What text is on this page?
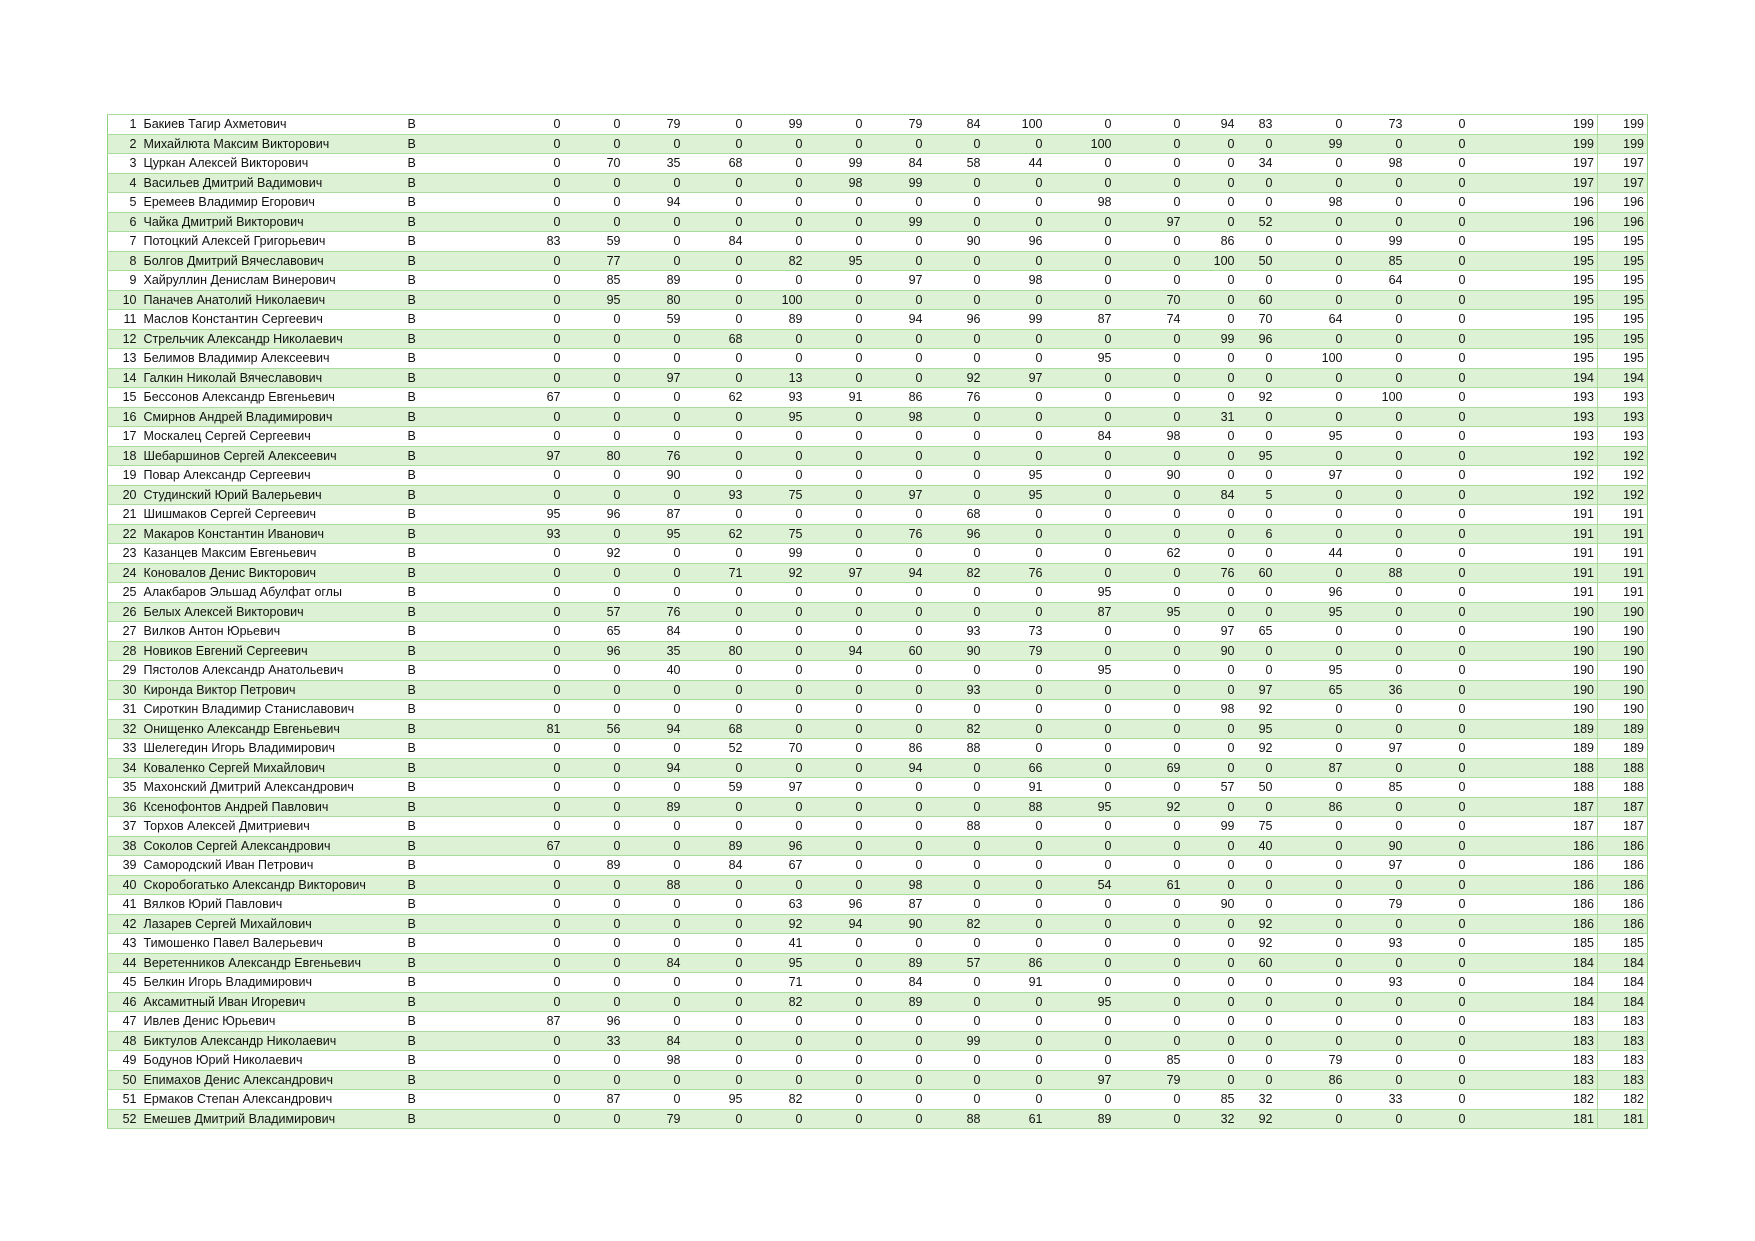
1	Бакиев Тагир Ахметович	В	0	0	79	0	99	0	79	84	100	0	0	94	83	0	73	0	199	199
2	Михайлюта Максим Викторович	В	0	0	0	0	0	0	0	0	0	100	0	0	0	99	0	0	199	199
3	Цуркан Алексей Викторович	В	0	70	35	68	0	99	84	58	44	0	0	0	34	0	98	0	197	197
4	Васильев Дмитрий Вадимович	В	0	0	0	0	0	98	99	0	0	0	0	0	0	0	0	0	197	197
5	Еремеев Владимир Егорович	В	0	0	94	0	0	0	0	0	0	98	0	0	0	98	0	0	196	196
6	Чайка Дмитрий Викторович	В	0	0	0	0	0	0	99	0	0	0	97	0	52	0	0	0	196	196
7	Потоцкий Алексей Григорьевич	В	83	59	0	84	0	0	0	90	96	0	0	86	0	0	99	0	195	195
8	Болгов Дмитрий Вячеславович	В	0	77	0	0	82	95	0	0	0	0	0	100	50	0	85	0	195	195
9	Хайруллин Денислам Винерович	В	0	85	89	0	0	0	97	0	98	0	0	0	0	0	64	0	195	195
10	Паначев Анатолий Николаевич	В	0	95	80	0	100	0	0	0	0	0	70	0	60	0	0	0	195	195
11	Маслов Константин Сергеевич	В	0	0	59	0	89	0	94	96	99	87	74	0	70	64	0	0	195	195
12	Стрельчик Александр Николаевич	В	0	0	0	68	0	0	0	0	0	0	0	99	96	0	0	0	195	195
13	Белимов Владимир Алексеевич	В	0	0	0	0	0	0	0	0	0	95	0	0	0	100	0	0	195	195
14	Галкин Николай Вячеславович	В	0	0	97	0	13	0	0	92	97	0	0	0	0	0	0	0	194	194
15	Бессонов Александр Евгеньевич	В	67	0	0	62	93	91	86	76	0	0	0	0	92	0	100	0	193	193
16	Смирнов Андрей Владимирович	В	0	0	0	0	95	0	98	0	0	0	0	31	0	0	0	0	193	193
17	Москалец Сергей Сергеевич	В	0	0	0	0	0	0	0	0	0	84	98	0	0	95	0	0	193	193
18	Шебаршинов Сергей Алексеевич	В	97	80	76	0	0	0	0	0	0	0	0	0	95	0	0	0	192	192
19	Повар Александр Сергеевич	В	0	0	90	0	0	0	0	0	95	0	90	0	0	97	0	0	192	192
20	Студинский Юрий Валерьевич	В	0	0	0	93	75	0	97	0	95	0	0	84	5	0	0	0	192	192
21	Шишмаков Сергей Сергеевич	В	95	96	87	0	0	0	0	68	0	0	0	0	0	0	0	0	191	191
22	Макаров Константин Иванович	В	93	0	95	62	75	0	76	96	0	0	0	0	6	0	0	0	191	191
23	Казанцев Максим Евгеньевич	В	0	92	0	0	99	0	0	0	0	0	62	0	0	44	0	0	191	191
24	Коновалов Денис Викторович	В	0	0	0	71	92	97	94	82	76	0	0	76	60	0	88	0	191	191
25	Алакбаров Эльшад Абулфат оглы	В	0	0	0	0	0	0	0	0	0	95	0	0	0	96	0	0	191	191
26	Белых Алексей Викторович	В	0	57	76	0	0	0	0	0	0	87	95	0	0	95	0	0	190	190
27	Вилков Антон Юрьевич	В	0	65	84	0	0	0	0	93	73	0	0	97	65	0	0	0	190	190
28	Новиков Евгений Сергеевич	В	0	96	35	80	0	94	60	90	79	0	0	90	0	0	0	0	190	190
29	Пястолов Александр Анатольевич	В	0	0	40	0	0	0	0	0	0	95	0	0	0	95	0	0	190	190
30	Киронда Виктор Петрович	В	0	0	0	0	0	0	0	93	0	0	0	0	97	65	36	0	190	190
31	Сироткин Владимир Станиславович	В	0	0	0	0	0	0	0	0	0	0	0	98	92	0	0	0	190	190
32	Онищенко Александр Евгеньевич	В	81	56	94	68	0	0	0	82	0	0	0	0	95	0	0	0	189	189
33	Шелегедин Игорь Владимирович	В	0	0	0	52	70	0	86	88	0	0	0	0	92	0	97	0	189	189
34	Коваленко Сергей Михайлович	В	0	0	94	0	0	0	94	0	66	0	69	0	0	87	0	0	188	188
35	Махонский Дмитрий Александрович	В	0	0	0	59	97	0	0	0	91	0	0	57	50	0	85	0	188	188
36	Ксенофонтов Андрей Павлович	В	0	0	89	0	0	0	0	0	88	95	92	0	0	86	0	0	187	187
37	Торхов Алексей Дмитриевич	В	0	0	0	0	0	0	0	88	0	0	0	99	75	0	0	0	187	187
38	Соколов Сергей Александрович	В	67	0	0	89	96	0	0	0	0	0	0	0	40	0	90	0	186	186
39	Самородский Иван Петрович	В	0	89	0	84	67	0	0	0	0	0	0	0	0	0	97	0	186	186
40	Скоробогатько Александр Викторович	В	0	0	88	0	0	0	98	0	0	54	61	0	0	0	0	0	186	186
41	Вялков Юрий Павлович	В	0	0	0	0	63	96	87	0	0	0	0	90	0	0	79	0	186	186
42	Лазарев Сергей Михайлович	В	0	0	0	0	92	94	90	82	0	0	0	0	92	0	0	0	186	186
43	Тимошенко Павел Валерьевич	В	0	0	0	0	41	0	0	0	0	0	0	0	92	0	93	0	185	185
44	Веретенников Александр Евгеньевич	В	0	0	84	0	95	0	89	57	86	0	0	0	60	0	0	0	184	184
45	Белкин Игорь Владимирович	В	0	0	0	0	71	0	84	0	91	0	0	0	0	0	93	0	184	184
46	Аксамитный Иван Игоревич	В	0	0	0	0	82	0	89	0	0	95	0	0	0	0	0	0	184	184
47	Ивлев Денис Юрьевич	В	87	96	0	0	0	0	0	0	0	0	0	0	0	0	0	0	183	183
48	Биктулов Александр Николаевич	В	0	33	84	0	0	0	0	99	0	0	0	0	0	0	0	0	183	183
49	Бодунов Юрий Николаевич	В	0	0	98	0	0	0	0	0	0	0	85	0	0	79	0	0	183	183
50	Епимахов Денис Александрович	В	0	0	0	0	0	0	0	0	0	97	79	0	0	86	0	0	183	183
51	Ермаков Степан Александрович	В	0	87	0	95	82	0	0	0	0	0	0	85	32	0	33	0	182	182
52	Емешев Дмитрий Владимирович	В	0	0	79	0	0	0	0	88	61	89	0	32	92	0	0	0	181	181
